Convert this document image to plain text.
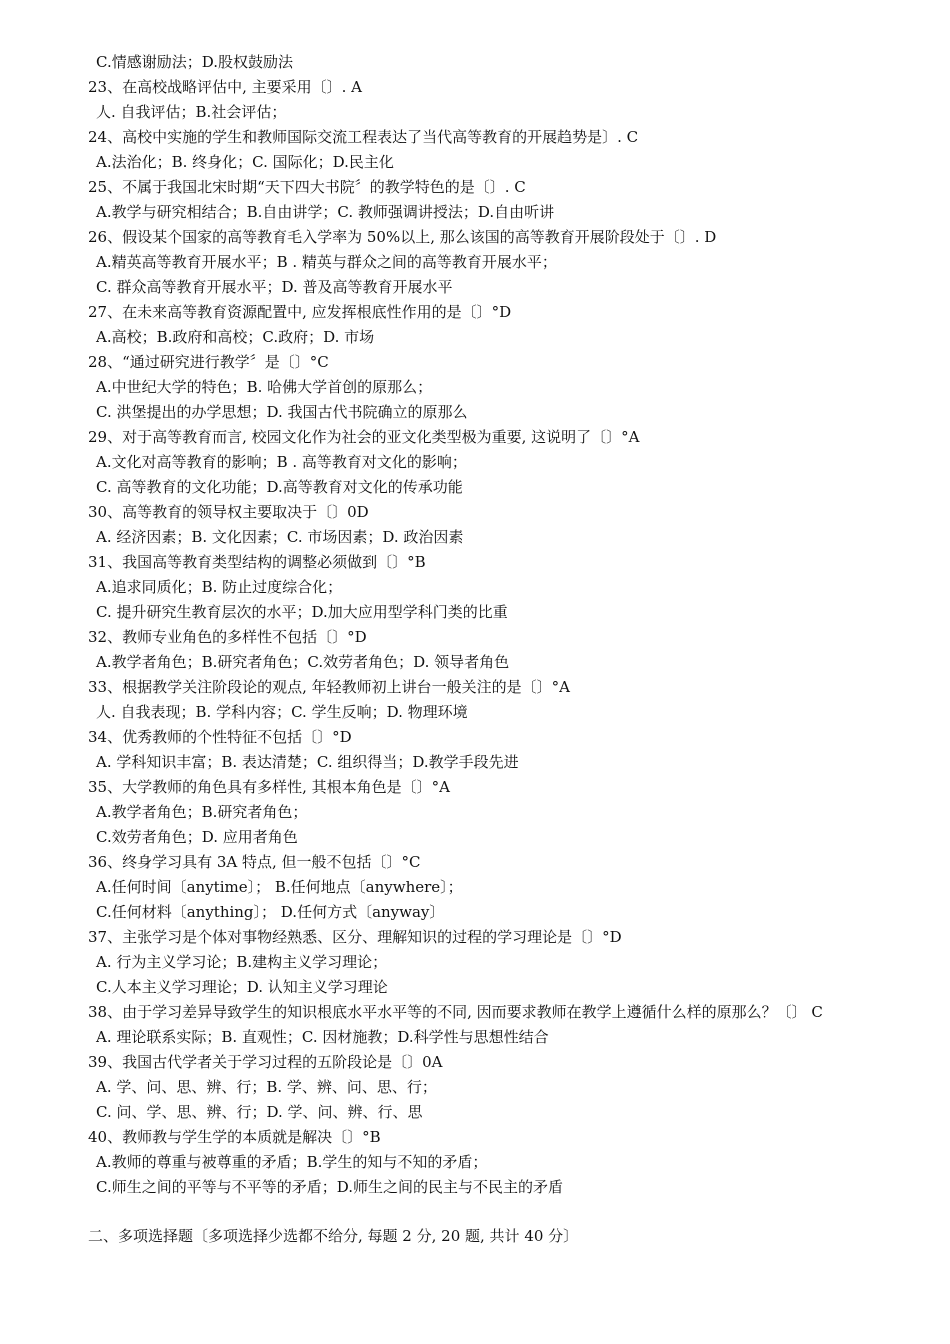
C.情感谢励法；D.股权鼓励法
23、在高校战略评估中, 主要采用〔〕. A
人. 自我评估；B.社会评估；
24、高校中实施的学生和教师国际交流工程表达了当代高等教育的开展趋势是〕. C
A.法治化；B. 终身化；C. 国际化；D.民主化
25、不属于我国北宋时期“天下四大书院〞的教学特色的是〔〕. C
A.教学与研究相结合；B.自由讲学；C. 教师强调讲授法；D.自由听讲
26、假设某个国家的高等教育毛入学率为 50%以上, 那么该国的高等教育开展阶段处于〔〕. D
A.精英高等教育开展水平；B . 精英与群众之间的高等教育开展水平；
C. 群众高等教育开展水平；D. 普及高等教育开展水平
27、在未来高等教育资源配置中, 应发挥根底性作用的是〔〕°D
A.高校；B.政府和高校；C.政府；D. 市场
28、“通过研究进行教学〞是〔〕°C
A.中世纪大学的特色；B. 哈佛大学首创的原那么；
C. 洪堡提出的办学思想；D. 我国古代书院确立的原那么
29、对于高等教育而言, 校园文化作为社会的亚文化类型极为重要, 这说明了〔〕°A
A.文化对高等教育的影响；B . 高等教育对文化的影响；
C. 高等教育的文化功能；D.高等教育对文化的传承功能
30、高等教育的领导权主要取决于〔〕0D
A. 经济因素；B. 文化因素；C. 市场因素；D. 政治因素
31、我国高等教育类型结构的调整必须做到〔〕°B
A.追求同质化；B. 防止过度综合化；
C. 提升研究生教育层次的水平；D.加大应用型学科门类的比重
32、教师专业角色的多样性不包括〔〕°D
A.教学者角色；B.研究者角色；C.效劳者角色；D. 领导者角色
33、根据教学关注阶段论的观点, 年轻教师初上讲台一般关注的是〔〕°A
人. 自我表现；B. 学科内容；C. 学生反响；D. 物理环境
34、优秀教师的个性特征不包括〔〕°D
A. 学科知识丰富；B. 表达清楚；C. 组织得当；D.教学手段先进
35、大学教师的角色具有多样性, 其根本角色是〔〕°A
A.教学者角色；B.研究者角色；
C.效劳者角色；D. 应用者角色
36、终身学习具有 3A 特点, 但一般不包括〔〕°C
A.任何时间〔anytime〕； B.任何地点〔anywhere〕；
C.任何材料〔anything〕； D.任何方式〔anyway〕
37、主张学习是个体对事物经熟悉、区分、理解知识的过程的学习理论是〔〕°D
A. 行为主义学习论；B.建构主义学习理论；
C.人本主义学习理论；D. 认知主义学习理论
38、由于学习差异导致学生的知识根底水平水平等的不同, 因而要求教师在教学上遵循什么样的原那么？〔〕 C
A. 理论联系实际；B. 直观性；C. 因材施教；D.科学性与思想性结合
39、我国古代学者关于学习过程的五阶段论是〔〕0A
A. 学、问、思、辨、行；B. 学、辨、问、思、行；
C. 问、学、思、辨、行；D. 学、问、辨、行、思
40、教师教与学生学的本质就是解决〔〕°B
A.教师的尊重与被尊重的矛盾；B.学生的知与不知的矛盾；
C.师生之间的平等与不平等的矛盾；D.师生之间的民主与不民主的矛盾
二、多项选择题〔多项选择少选都不给分, 每题 2 分, 20 题, 共计 40 分〕
